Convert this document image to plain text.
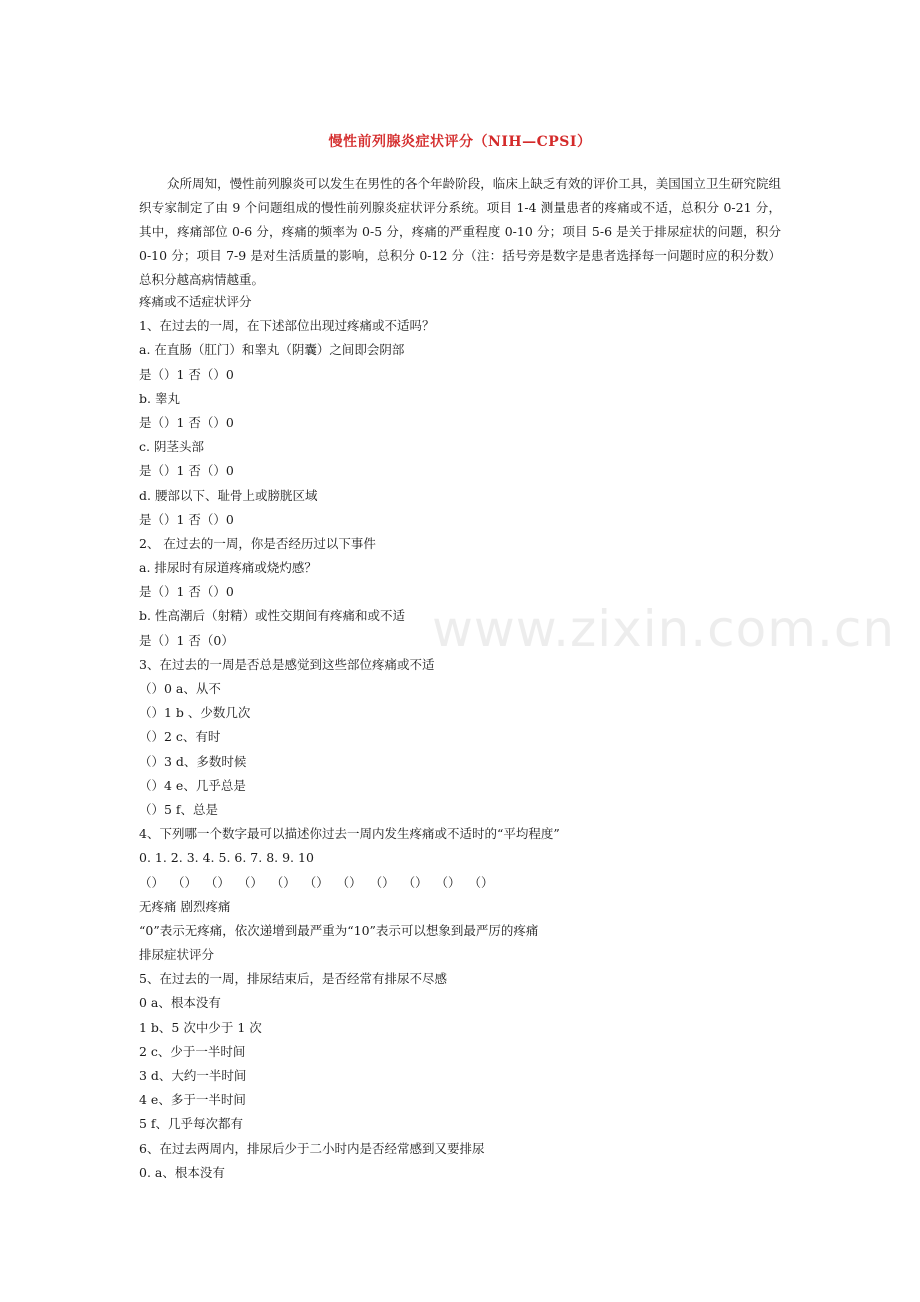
慢性前列腺炎症状评分（NIH—CPSI）

众所周知，慢性前列腺炎可以发生在男性的各个年龄阶段，临床上缺乏有效的评价工具，美国国立卫生研究院组织专家制定了由 9 个问题组成的慢性前列腺炎症状评分系统。项目 1-4 测量患者的疼痛或不适，总积分 0-21 分，其中，疼痛部位 0-6 分，疼痛的频率为 0-5 分，疼痛的严重程度 0-10 分；项目 5-6 是关于排尿症状的问题，积分 0-10 分；项目 7-9 是对生活质量的影响，总积分 0-12 分（注：括号旁是数字是患者选择每一问题时应的积分数）总积分越高病情越重。

疼痛或不适症状评分
1、在过去的一周，在下述部位出现过疼痛或不适吗？
a. 在直肠（肛门）和睾丸（阴囊）之间即会阴部
是（）1 否（）0
b. 睾丸
是（）1 否（）0
c. 阴茎头部
是（）1 否（）0
d. 腰部以下、耻骨上或膀胱区域
是（）1 否（）0
2、 在过去的一周，你是否经历过以下事件
a. 排尿时有尿道疼痛或烧灼感？
是（）1 否（）0
b. 性高潮后（射精）或性交期间有疼痛和或不适
是（）1 否（0）
3、在过去的一周是否总是感觉到这些部位疼痛或不适
（）0 a、从不
（）1 b 、少数几次
（）2 c、有时
（）3 d、多数时候
（）4 e、几乎总是
（）5 f、总是
4、下列哪一个数字最可以描述你过去一周内发生疼痛或不适时的“平均程度”
0. 1. 2. 3. 4. 5. 6. 7. 8. 9. 10
（）  （）  （）  （）  （）  （）  （）  （）  （）  （）  （）
无疼痛 剧烈疼痛
“0”表示无疼痛，依次递增到最严重为“10”表示可以想象到最严厉的疼痛
排尿症状评分
5、在过去的一周，排尿结束后，是否经常有排尿不尽感
0 a、根本没有
1 b、5 次中少于 1 次
2 c、少于一半时间
3 d、大约一半时间
4 e、多于一半时间
5 f、几乎每次都有
6、在过去两周内，排尿后少于二小时内是否经常感到又要排尿
0. a、根本没有
www.zixin.com.cn
